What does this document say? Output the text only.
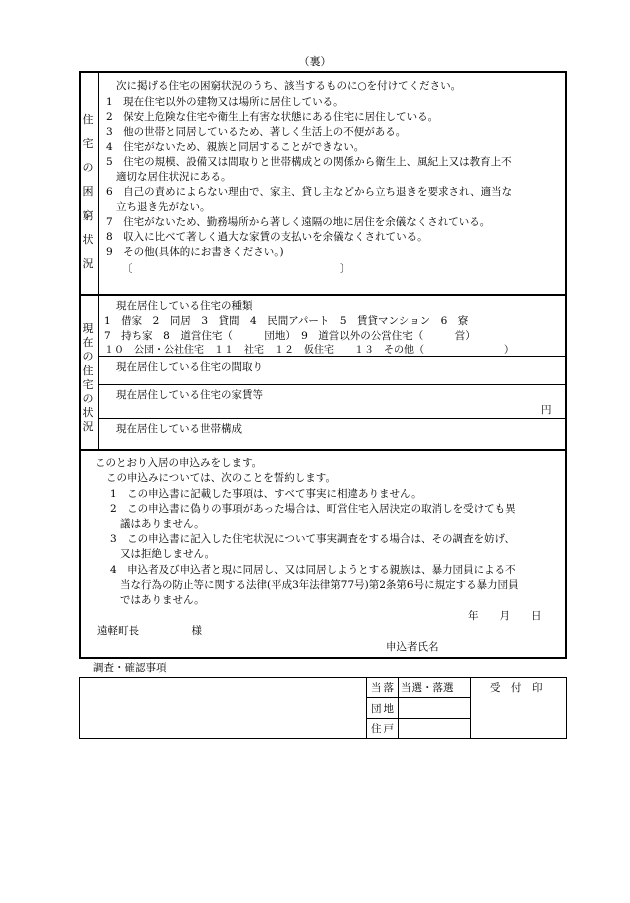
（裏）
住宅の困窮状況
次に掲げる住宅の困窮状況のうち、該当するものに○を付けてください。
1　現在住宅以外の建物又は場所に居住している。
2　保安上危険な住宅や衛生上有害な状態にある住宅に居住している。
3　他の世帯と同居しているため、著しく生活上の不便がある。
4　住宅がないため、親族と同居することができない。
5　住宅の規模、設備又は間取りと世帯構成との関係から衛生上、風紀上又は教育上不
適切な居住状況にある。
6　自己の責めによらない理由で、家主、貸し主などから立ち退きを要求され、適当な
立ち退き先がない。
7　住宅がないため、勤務場所から著しく遠隔の地に居住を余儀なくされている。
8　収入に比べて著しく過大な家賃の支払いを余儀なくされている。
9　その他(具体的にお書きください。)
〔	〕
現在の住宅の状況
現在居住している住宅の種類
1　借家　2　同居　3　貸間　4　民間アパート　5　賃貸マンション　6　寮
7　持ち家　8　道営住宅（　　　団地）　9　道営以外の公営住宅（　　　営）
１０　公団・公社住宅　１１　社宅　１２　仮住宅　　１３　その他（　　　　　　　　）
現在居住している住宅の間取り
現在居住している住宅の家賃等
円
現在居住している世帯構成
このとおり入居の申込みをします。
この申込みについては、次のことを誓約します。
1　この申込書に記載した事項は、すべて事実に相違ありません。
2　この申込書に偽りの事項があった場合は、町営住宅入居決定の取消しを受けても異
議はありません。
3　この申込書に記入した住宅状況について事実調査をする場合は、その調査を妨げ、
又は拒絶しません。
4　申込者及び申込者と現に同居し、又は同居しようとする親族は、暴力団員による不
当な行為の防止等に関する法律(平成3年法律第77号)第2条第6号に規定する暴力団員
ではありません。
年　　月　　日
遠軽町長　　　　　様
申込者氏名
調査・確認事項
当落 当選・落選	受　付　印
団地
住戸
